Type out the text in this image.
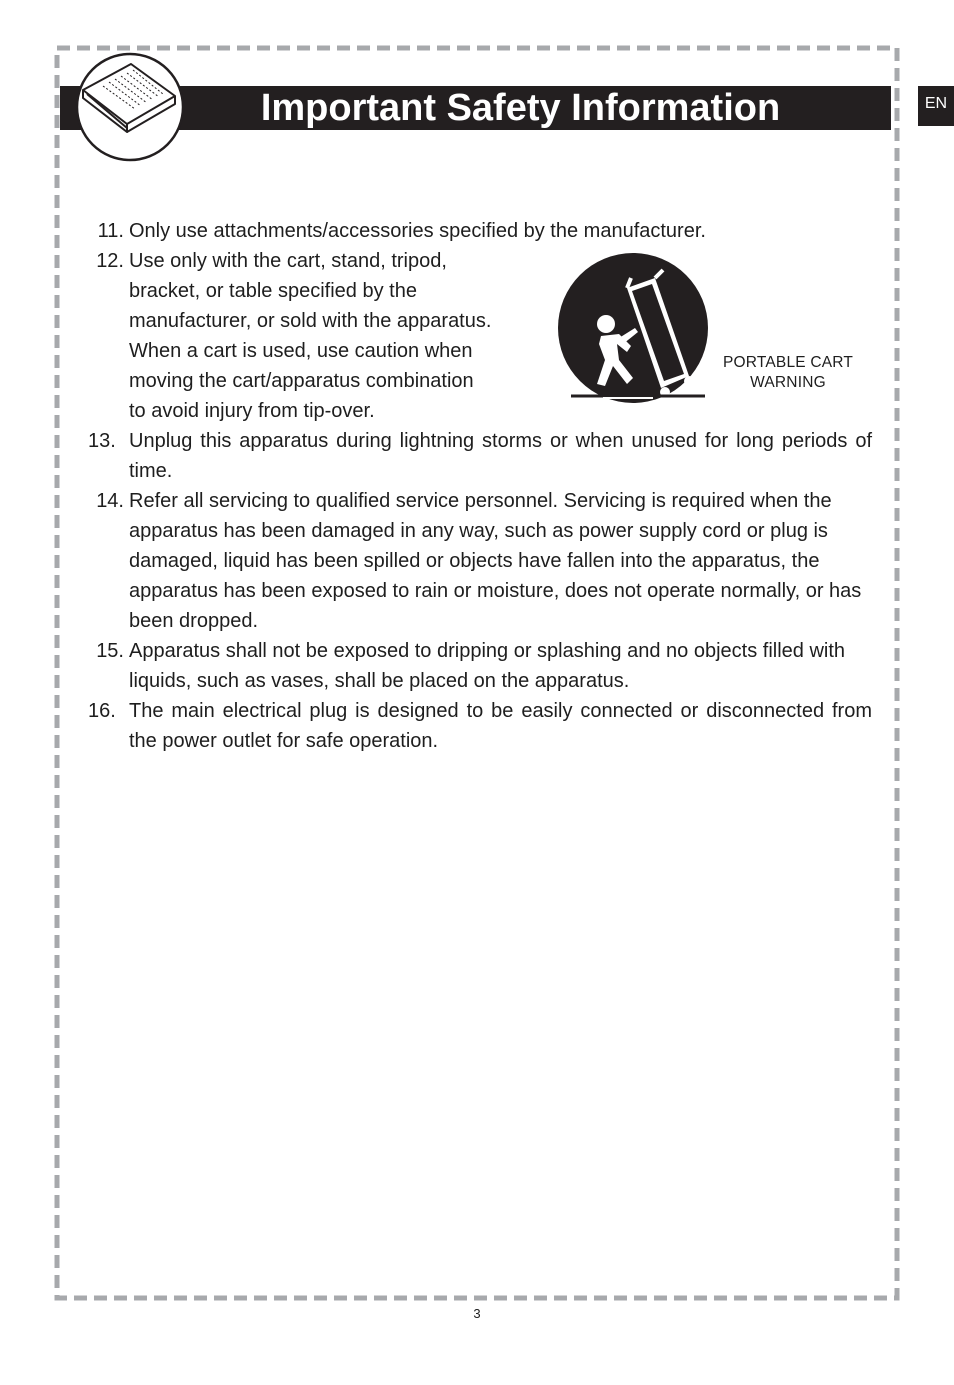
Important Safety Information	EN
11. Only use attachments/accessories specified by the manufacturer.
12. Use only with the cart, stand, tripod,
bracket, or table specified by the
manufacturer, or sold with the apparatus.
When a cart is used, use caution when
moving the cart/apparatus combination
to avoid injury from tip-over.
13. Unplug this apparatus during lightning storms or when unused for long periods of time.
14. Refer all servicing to qualified service personnel. Servicing is required when the apparatus has been damaged in any way, such as power supply cord or plug is damaged, liquid has been spilled or objects have fallen into the apparatus, the apparatus has been exposed to rain or moisture, does not operate normally, or has been dropped.
15. Apparatus shall not be exposed to dripping or splashing and no objects filled with liquids, such as vases, shall be placed on the apparatus.
16. The main electrical plug is designed to be easily connected or disconnected from the power outlet for safe operation.
PORTABLE CART
WARNING
3
